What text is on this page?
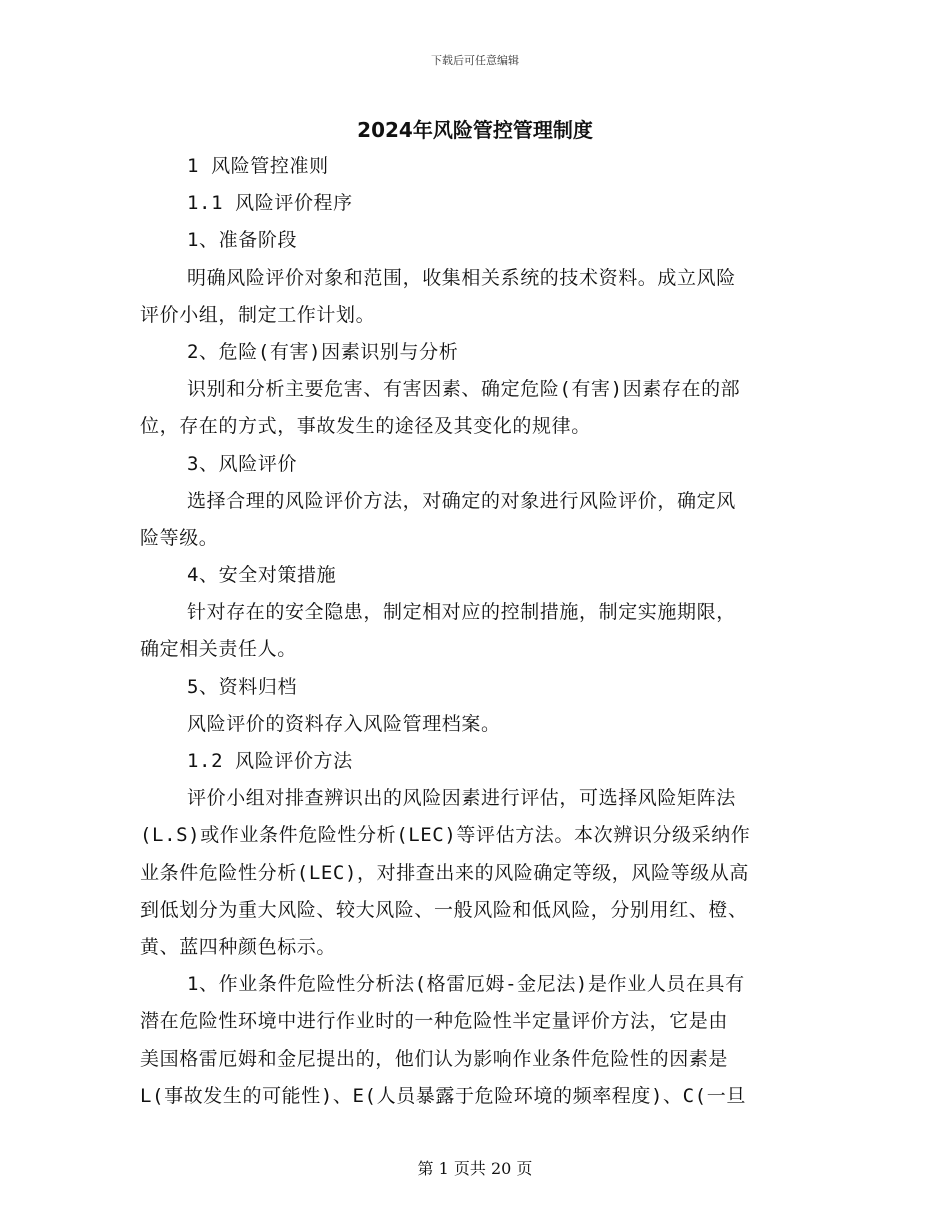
下载后可任意编辑
2024年风险管控管理制度
1 风险管控准则
1.1 风险评价程序
1、准备阶段
明确风险评价对象和范围，收集相关系统的技术资料。成立风险
评价小组，制定工作计划。
2、危险(有害)因素识别与分析
识别和分析主要危害、有害因素、确定危险(有害)因素存在的部
位，存在的方式，事故发生的途径及其变化的规律。
3、风险评价
选择合理的风险评价方法，对确定的对象进行风险评价，确定风
险等级。
4、安全对策措施
针对存在的安全隐患，制定相对应的控制措施，制定实施期限，
确定相关责任人。
5、资料归档
风险评价的资料存入风险管理档案。
1.2 风险评价方法
评价小组对排查辨识出的风险因素进行评估，可选择风险矩阵法
(L.S)或作业条件危险性分析(LEC)等评估方法。本次辨识分级采纳作
业条件危险性分析(LEC)，对排查出来的风险确定等级，风险等级从高
到低划分为重大风险、较大风险、一般风险和低风险，分别用红、橙、
黄、蓝四种颜色标示。
1、作业条件危险性分析法(格雷厄姆-金尼法)是作业人员在具有
潜在危险性环境中进行作业时的一种危险性半定量评价方法，它是由
美国格雷厄姆和金尼提出的，他们认为影响作业条件危险性的因素是
L(事故发生的可能性)、E(人员暴露于危险环境的频率程度)、C(一旦
第 1 页共 20 页
